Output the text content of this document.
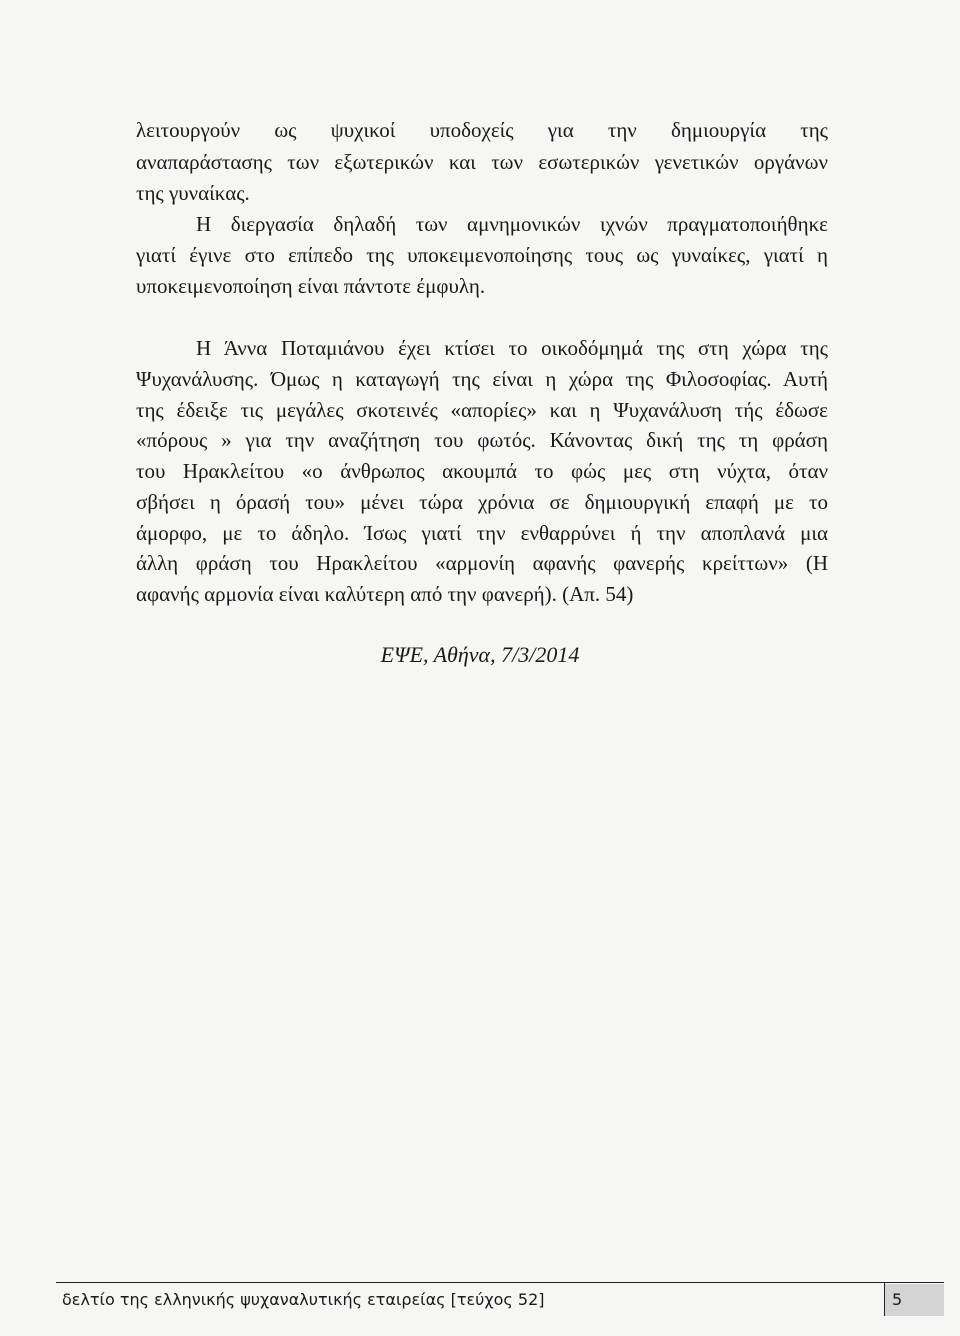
λειτουργούν ως ψυχικοί υποδοχείς για την δημιουργία της
αναπαράστασης των εξωτερικών και των εσωτερικών γενετικών οργάνων
της γυναίκας.
Η διεργασία δηλαδή των αμνημονικών ιχνών πραγματοποιήθηκε
γιατί έγινε στο επίπεδο της υποκειμενοποίησης τους ως γυναίκες, γιατί η
υποκειμενοποίηση είναι πάντοτε έμφυλη.
Η Άννα Ποταμιάνου έχει κτίσει το οικοδόμημά της στη χώρα της
Ψυχανάλυσης. Όμως η καταγωγή της είναι η χώρα της Φιλοσοφίας. Αυτή
της έδειξε τις μεγάλες σκοτεινές «απορίες» και η Ψυχανάλυση τής έδωσε
«πόρους » για την αναζήτηση του φωτός. Κάνοντας δική της τη φράση
του Ηρακλείτου «ο άνθρωπος ακουμπά το φώς μες στη νύχτα, όταν
σβήσει η όρασή του» μένει τώρα χρόνια σε δημιουργική επαφή με το
άμορφο, με το άδηλο. Ίσως γιατί την ενθαρρύνει ή την αποπλανά μια
άλλη φράση του Ηρακλείτου «αρμονίη αφανής φανερής κρείττων» (Η
αφανής αρμονία είναι καλύτερη από την φανερή). (Απ. 54)
ΕΨΕ, Αθήνα, 7/3/2014
δελτίο της ελληνικής ψυχαναλυτικής εταιρείας [τεύχος 52]	5
